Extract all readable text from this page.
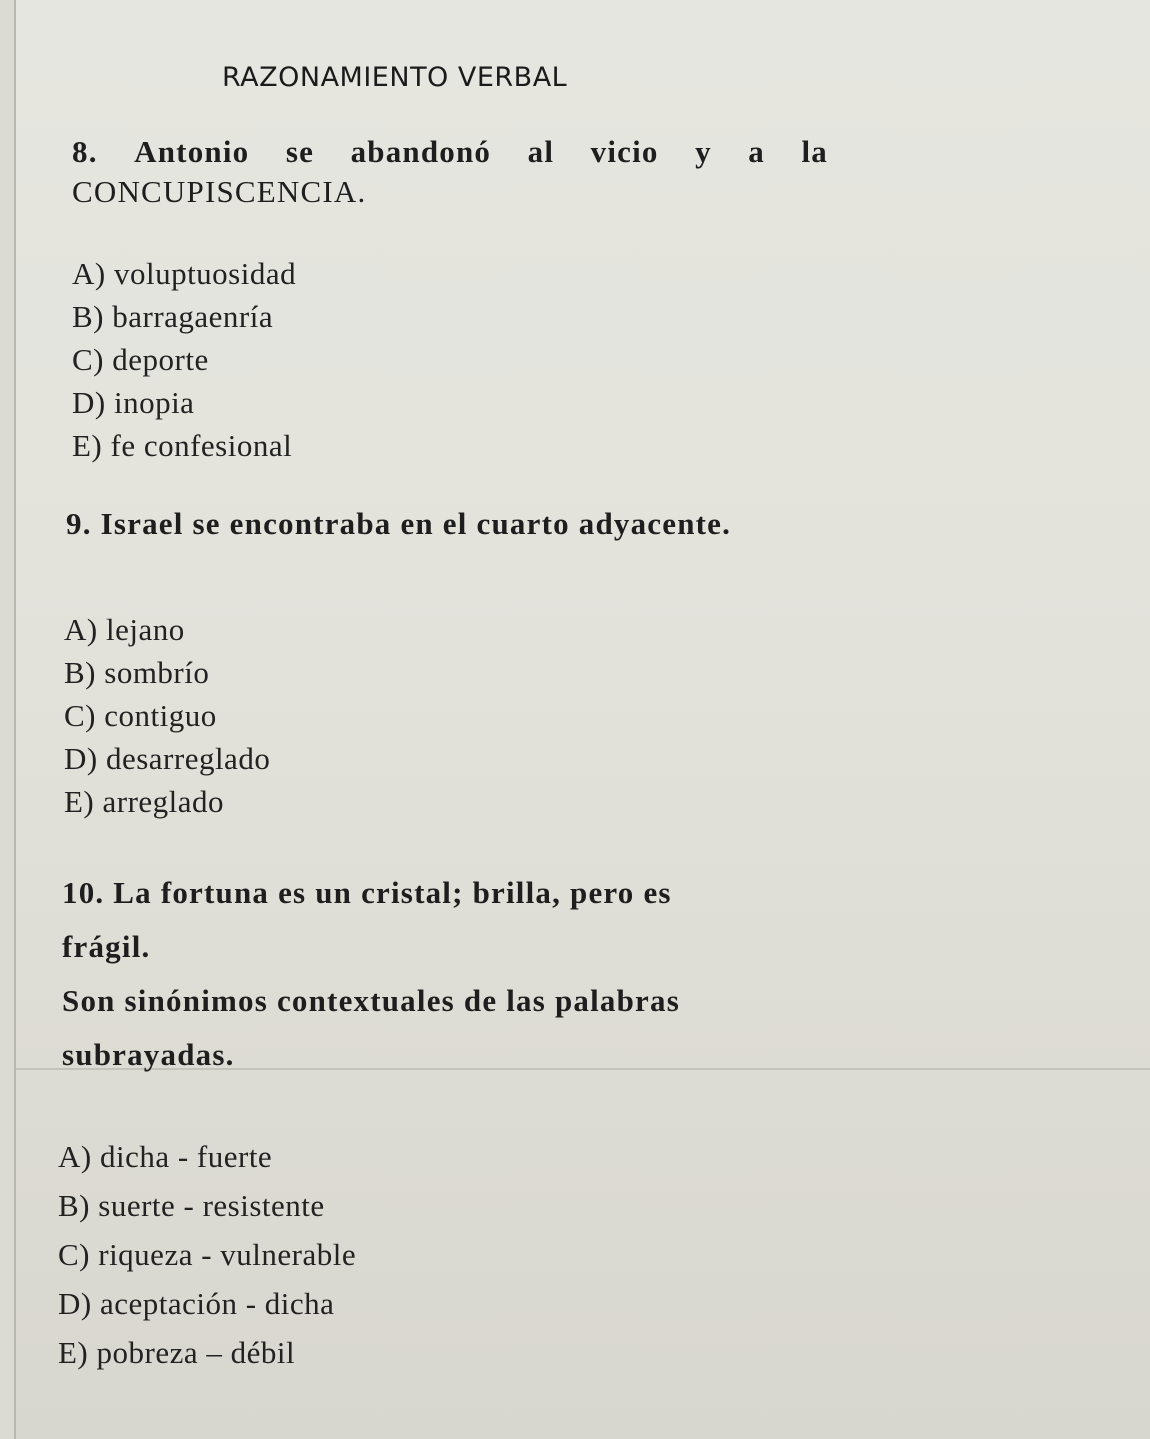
RAZONAMIENTO VERBAL
8. Antonio se abandonó al vicio y a la
CONCUPISCENCIA.
A) voluptuosidad
B) barragaenría
C) deporte
D) inopia
E) fe confesional
9. Israel se encontraba en el cuarto adyacente.
A) lejano
B) sombrío
C) contiguo
D) desarreglado
E) arreglado
10. La fortuna es un cristal; brilla, pero es
frágil.
Son sinónimos contextuales de las palabras
subrayadas.
A) dicha - fuerte
B) suerte - resistente
C) riqueza - vulnerable
D) aceptación - dicha
E) pobreza – débil
